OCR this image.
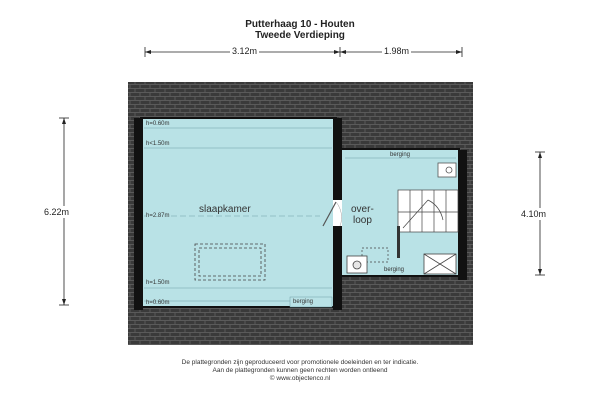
Putterhaag 10 - Houten
Tweede Verdieping
3.12m	1.98m
6.22m	4.10m
h=0.60m
h<1.50m
h=2.87m
h=1.50m
h=0.60m
slaapkamer	over-
loop
berging
berging
berging
De plattegronden zijn geproduceerd voor promotionele doeleinden en ter indicatie.
Aan de plattegronden kunnen geen rechten worden ontleend
© www.objectenco.nl
